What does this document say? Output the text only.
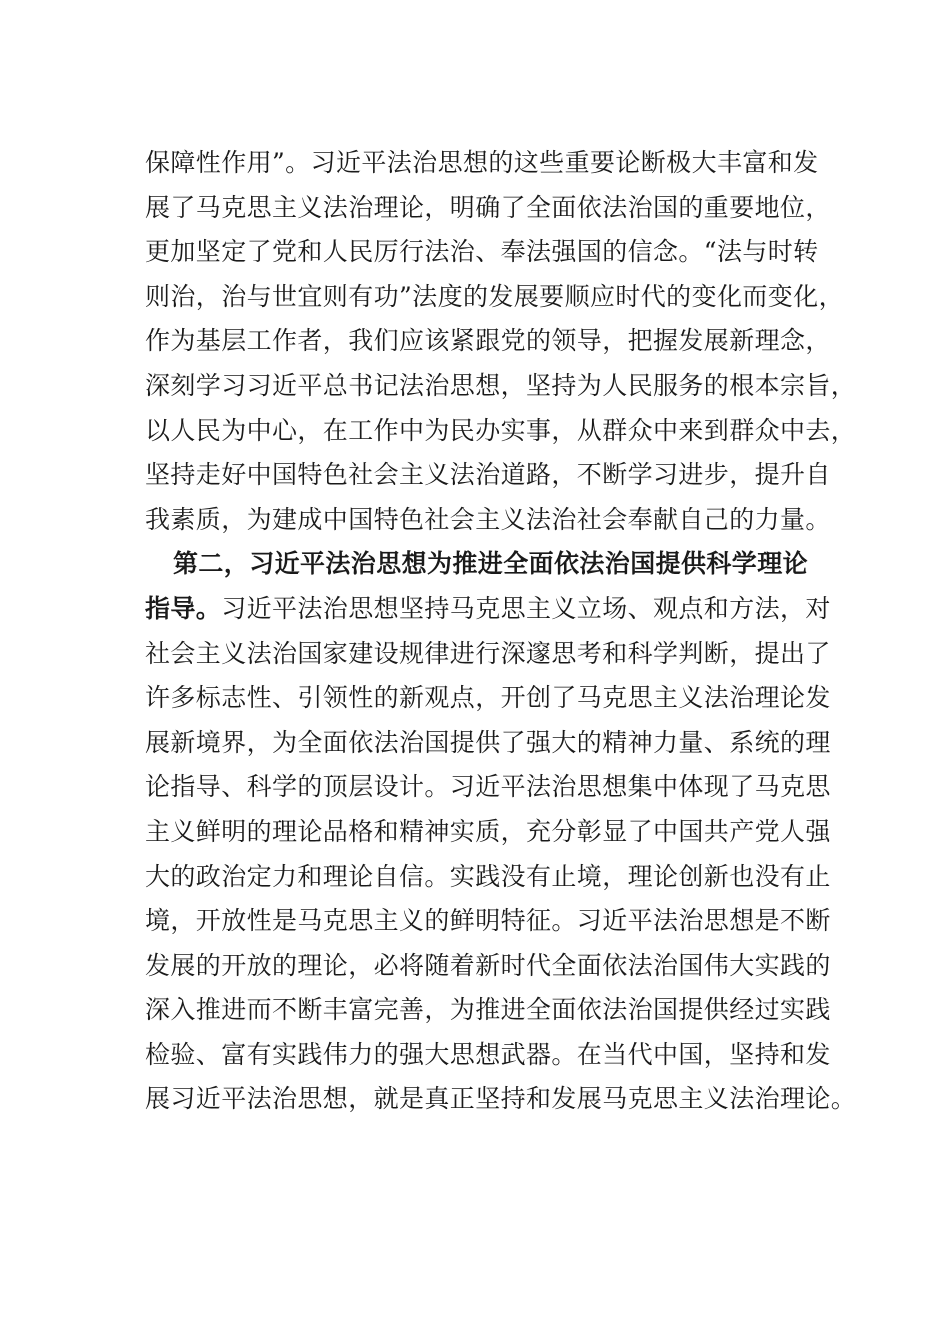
保障性作用”。习近平法治思想的这些重要论断极大丰富和发
展了马克思主义法治理论，明确了全面依法治国的重要地位，
更加坚定了党和人民厉行法治、奉法强国的信念。“法与时转
则治，治与世宜则有功”法度的发展要顺应时代的变化而变化，
作为基层工作者，我们应该紧跟党的领导，把握发展新理念，
深刻学习习近平总书记法治思想，坚持为人民服务的根本宗旨，
以人民为中心，在工作中为民办实事，从群众中来到群众中去，
坚持走好中国特色社会主义法治道路，不断学习进步，提升自
我素质，为建成中国特色社会主义法治社会奉献自己的力量。
第二，习近平法治思想为推进全面依法治国提供科学理论
指导。习近平法治思想坚持马克思主义立场、观点和方法，对
社会主义法治国家建设规律进行深邃思考和科学判断，提出了
许多标志性、引领性的新观点，开创了马克思主义法治理论发
展新境界，为全面依法治国提供了强大的精神力量、系统的理
论指导、科学的顶层设计。习近平法治思想集中体现了马克思
主义鲜明的理论品格和精神实质，充分彰显了中国共产党人强
大的政治定力和理论自信。实践没有止境，理论创新也没有止
境，开放性是马克思主义的鲜明特征。习近平法治思想是不断
发展的开放的理论，必将随着新时代全面依法治国伟大实践的
深入推进而不断丰富完善，为推进全面依法治国提供经过实践
检验、富有实践伟力的强大思想武器。在当代中国，坚持和发
展习近平法治思想，就是真正坚持和发展马克思主义法治理论。
